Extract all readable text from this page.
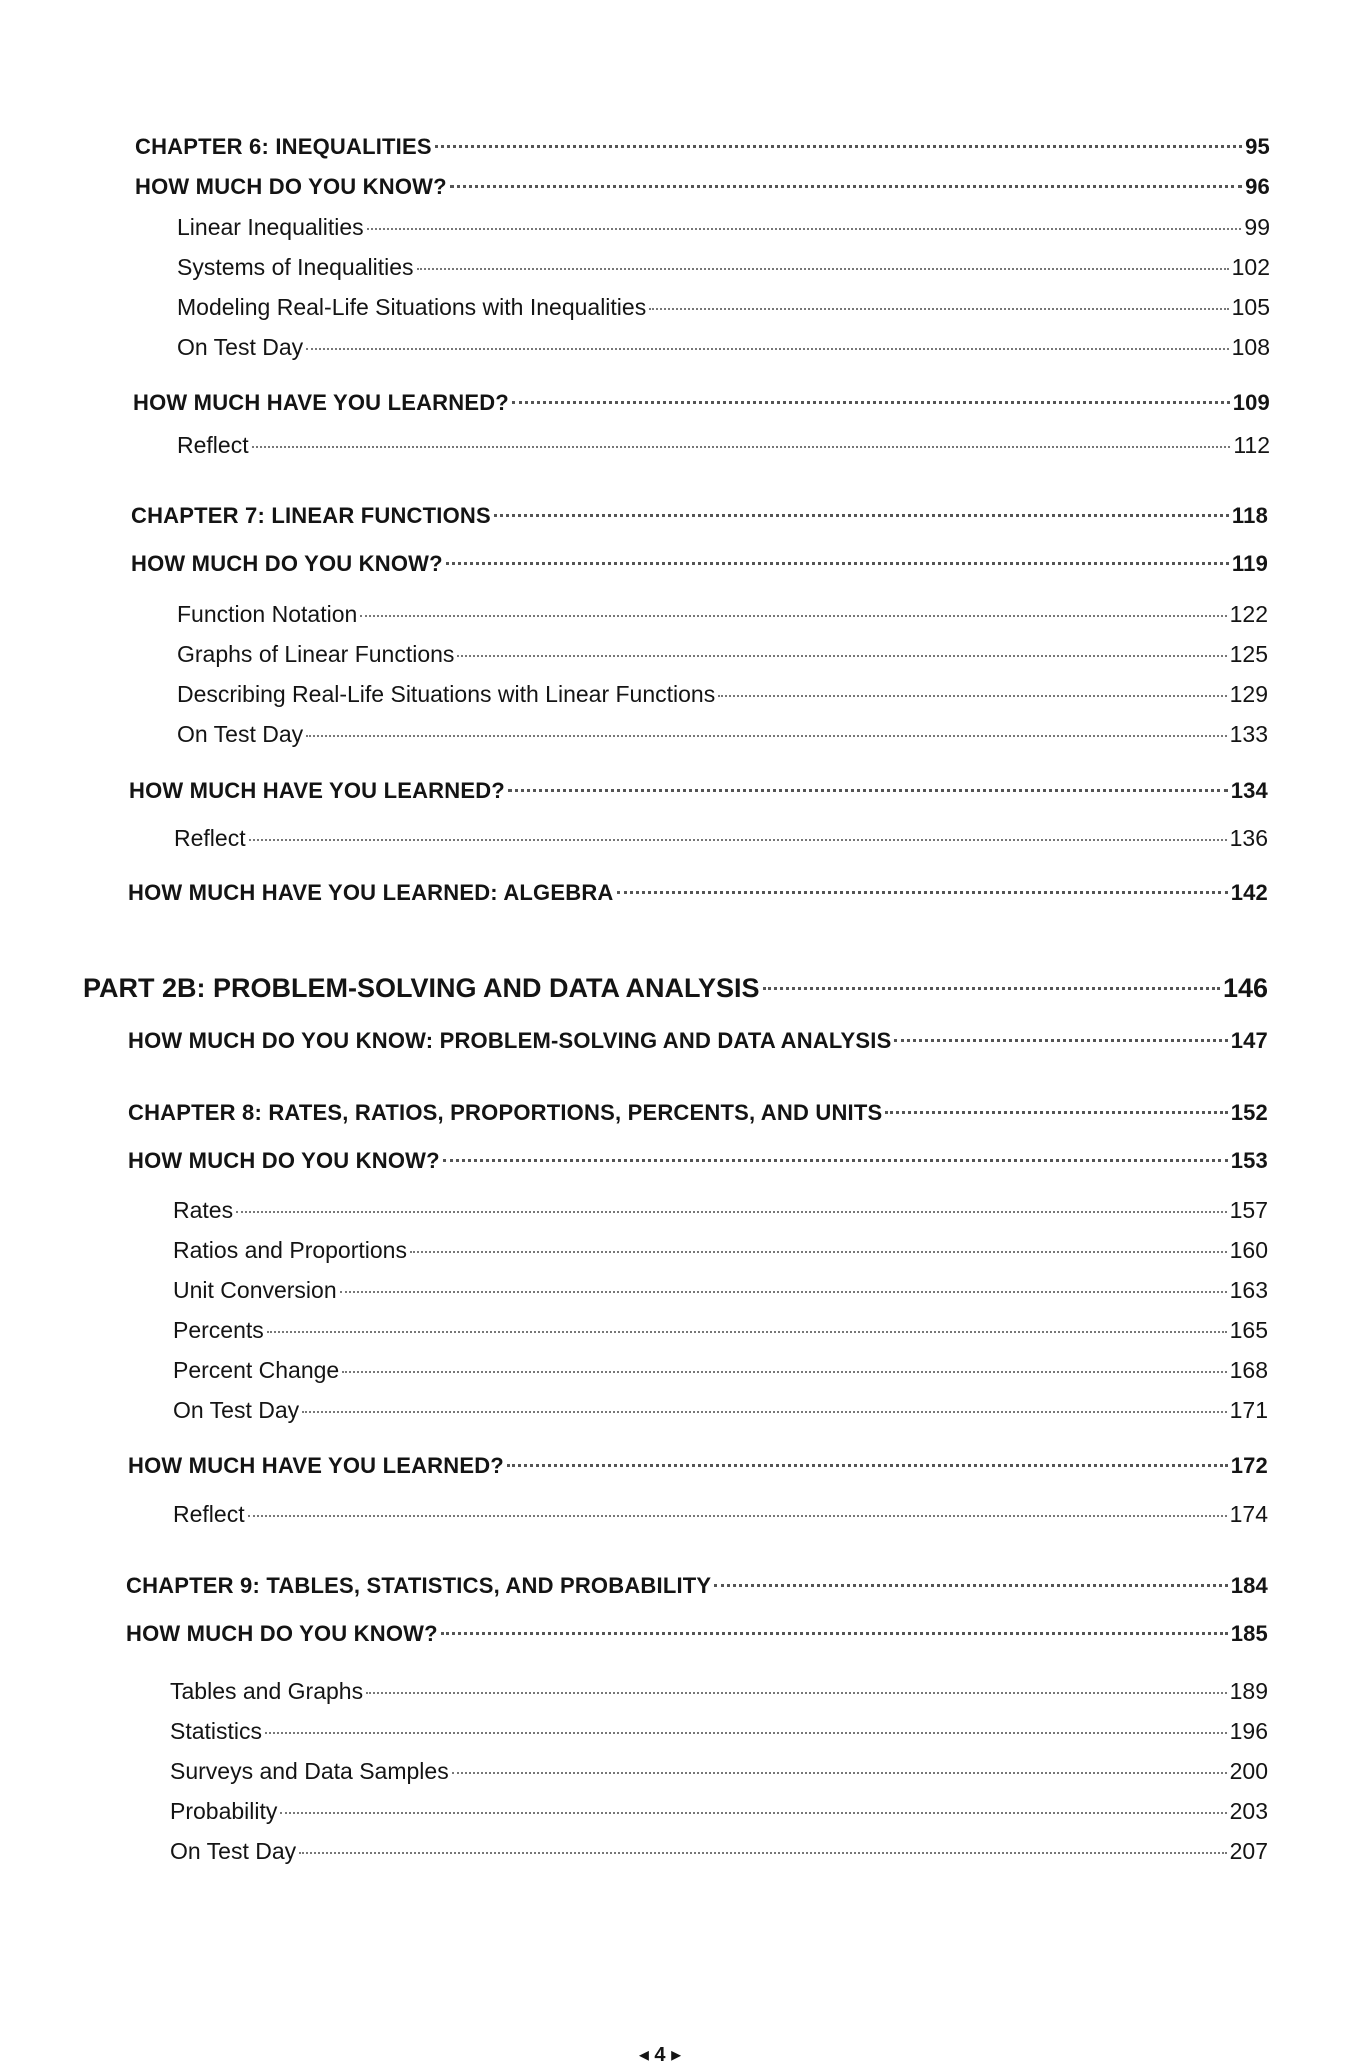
CHAPTER 6: INEQUALITIES	95
HOW MUCH DO YOU KNOW?	96
Linear Inequalities	99
Systems of Inequalities	102
Modeling Real-Life Situations with Inequalities	105
On Test Day	108
HOW MUCH HAVE YOU LEARNED?	109
Reflect	112
CHAPTER 7: LINEAR FUNCTIONS	118
HOW MUCH DO YOU KNOW?	119
Function Notation	122
Graphs of Linear Functions	125
Describing Real-Life Situations with Linear Functions	129
On Test Day	133
HOW MUCH HAVE YOU LEARNED?	134
Reflect	136
HOW MUCH HAVE YOU LEARNED: ALGEBRA	142
PART 2B: PROBLEM-SOLVING AND DATA ANALYSIS	146
HOW MUCH DO YOU KNOW: PROBLEM-SOLVING AND DATA ANALYSIS	147
CHAPTER 8: RATES, RATIOS, PROPORTIONS, PERCENTS, AND UNITS	152
HOW MUCH DO YOU KNOW?	153
Rates	157
Ratios and Proportions	160
Unit Conversion	163
Percents	165
Percent Change	168
On Test Day	171
HOW MUCH HAVE YOU LEARNED?	172
Reflect	174
CHAPTER 9: TABLES, STATISTICS, AND PROBABILITY	184
HOW MUCH DO YOU KNOW?	185
Tables and Graphs	189
Statistics	196
Surveys and Data Samples	200
Probability	203
On Test Day	207
◂ 4 ▸
